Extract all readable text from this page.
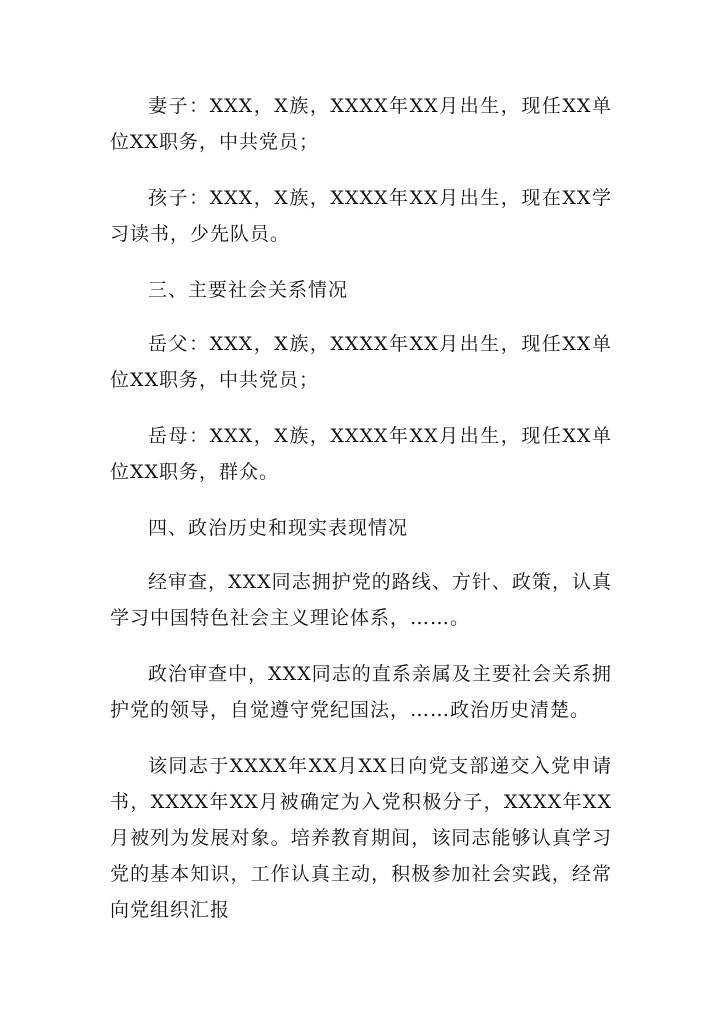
妻子：XXX，X族，XXXX年XX月出生，现任XX单位XX职务，中共党员；

孩子：XXX，X族，XXXX年XX月出生，现在XX学习读书，少先队员。

三、主要社会关系情况

岳父：XXX，X族，XXXX年XX月出生，现任XX单位XX职务，中共党员；

岳母：XXX，X族，XXXX年XX月出生，现任XX单位XX职务，群众。

四、政治历史和现实表现情况

经审查，XXX同志拥护党的路线、方针、政策，认真学习中国特色社会主义理论体系，……。

政治审查中，XXX同志的直系亲属及主要社会关系拥护党的领导，自觉遵守党纪国法，……政治历史清楚。

该同志于XXXX年XX月XX日向党支部递交入党申请书，XXXX年XX月被确定为入党积极分子，XXXX年XX月被列为发展对象。培养教育期间，该同志能够认真学习党的基本知识，工作认真主动，积极参加社会实践，经常向党组织汇报
